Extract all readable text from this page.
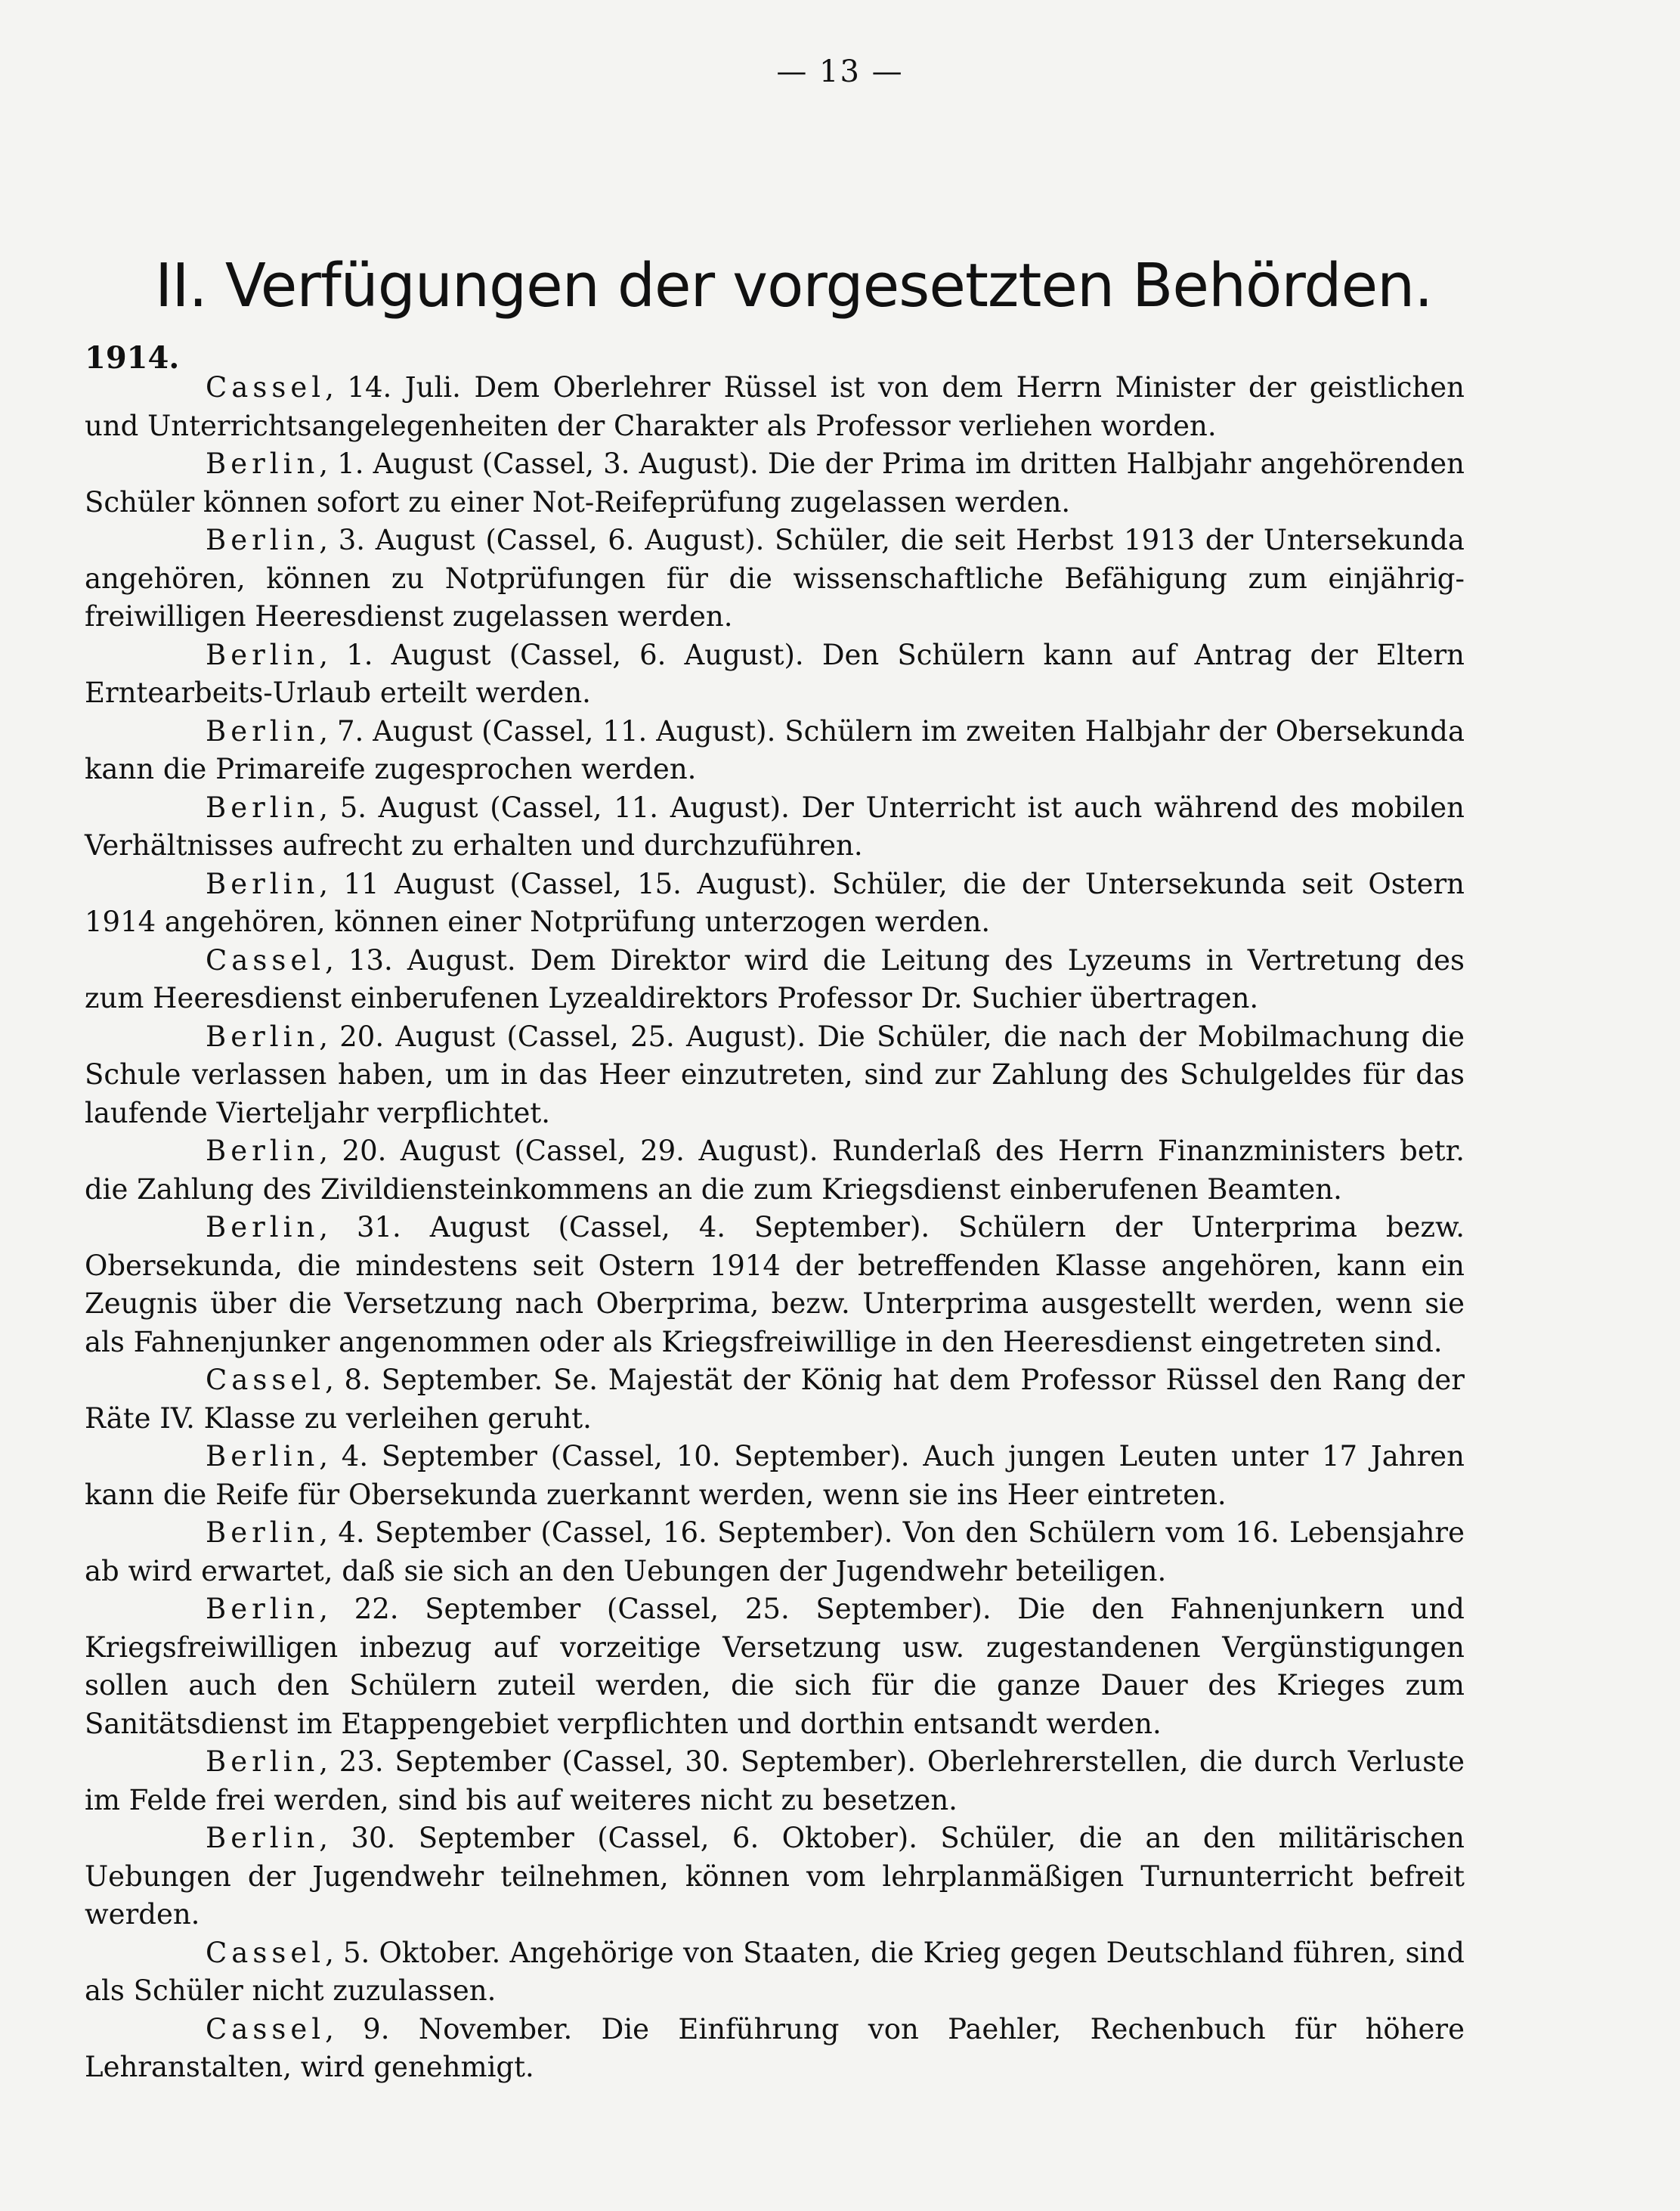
— 13 —
II. Verfügungen der vorgesetzten Behörden.
1914.

Cassel, 14. Juli. Dem Oberlehrer Rüssel ist von dem Herrn Minister der geistlichen und Unterrichtsangelegenheiten der Charakter als Professor verliehen worden.

Berlin, 1. August (Cassel, 3. August). Die der Prima im dritten Halbjahr angehörenden Schüler können sofort zu einer Not-Reifeprüfung zugelassen werden.

Berlin, 3. August (Cassel, 6. August). Schüler, die seit Herbst 1913 der Untersekunda angehören, können zu Notprüfungen für die wissenschaftliche Befähigung zum einjährig-freiwilligen Heeresdienst zugelassen werden.

Berlin, 1. August (Cassel, 6. August). Den Schülern kann auf Antrag der Eltern Erntearbeits-Urlaub erteilt werden.

Berlin, 7. August (Cassel, 11. August). Schülern im zweiten Halbjahr der Obersekunda kann die Primareife zugesprochen werden.

Berlin, 5. August (Cassel, 11. August). Der Unterricht ist auch während des mobilen Verhältnisses aufrecht zu erhalten und durchzuführen.

Berlin, 11 August (Cassel, 15. August). Schüler, die der Untersekunda seit Ostern 1914 angehören, können einer Notprüfung unterzogen werden.

Cassel, 13. August. Dem Direktor wird die Leitung des Lyzeums in Vertretung des zum Heeresdienst einberufenen Lyzealdirektors Professor Dr. Suchier übertragen.

Berlin, 20. August (Cassel, 25. August). Die Schüler, die nach der Mobilmachung die Schule verlassen haben, um in das Heer einzutreten, sind zur Zahlung des Schulgeldes für das laufende Vierteljahr verpflichtet.

Berlin, 20. August (Cassel, 29. August). Runderlaß des Herrn Finanzministers betr. die Zahlung des Zivildiensteinkommens an die zum Kriegsdienst einberufenen Beamten.

Berlin, 31. August (Cassel, 4. September). Schülern der Unterprima bezw. Obersekunda, die mindestens seit Ostern 1914 der betreffenden Klasse angehören, kann ein Zeugnis über die Versetzung nach Oberprima, bezw. Unterprima ausgestellt werden, wenn sie als Fahnenjunker angenommen oder als Kriegsfreiwillige in den Heeresdienst eingetreten sind.

Cassel, 8. September. Se. Majestät der König hat dem Professor Rüssel den Rang der Räte IV. Klasse zu verleihen geruht.

Berlin, 4. September (Cassel, 10. September). Auch jungen Leuten unter 17 Jahren kann die Reife für Obersekunda zuerkannt werden, wenn sie ins Heer eintreten.

Berlin, 4. September (Cassel, 16. September). Von den Schülern vom 16. Lebensjahre ab wird erwartet, daß sie sich an den Uebungen der Jugendwehr beteiligen.

Berlin, 22. September (Cassel, 25. September). Die den Fahnenjunkern und Kriegsfreiwilligen inbezug auf vorzeitige Versetzung usw. zugestandenen Vergünstigungen sollen auch den Schülern zuteil werden, die sich für die ganze Dauer des Krieges zum Sanitätsdienst im Etappengebiet verpflichten und dorthin entsandt werden.

Berlin, 23. September (Cassel, 30. September). Oberlehrerstellen, die durch Verluste im Felde frei werden, sind bis auf weiteres nicht zu besetzen.

Berlin, 30. September (Cassel, 6. Oktober). Schüler, die an den militärischen Uebungen der Jugendwehr teilnehmen, können vom lehrplanmäßigen Turnunterricht befreit werden.

Cassel, 5. Oktober. Angehörige von Staaten, die Krieg gegen Deutschland führen, sind als Schüler nicht zuzulassen.

Cassel, 9. November. Die Einführung von Paehler, Rechenbuch für höhere Lehranstalten, wird genehmigt.
